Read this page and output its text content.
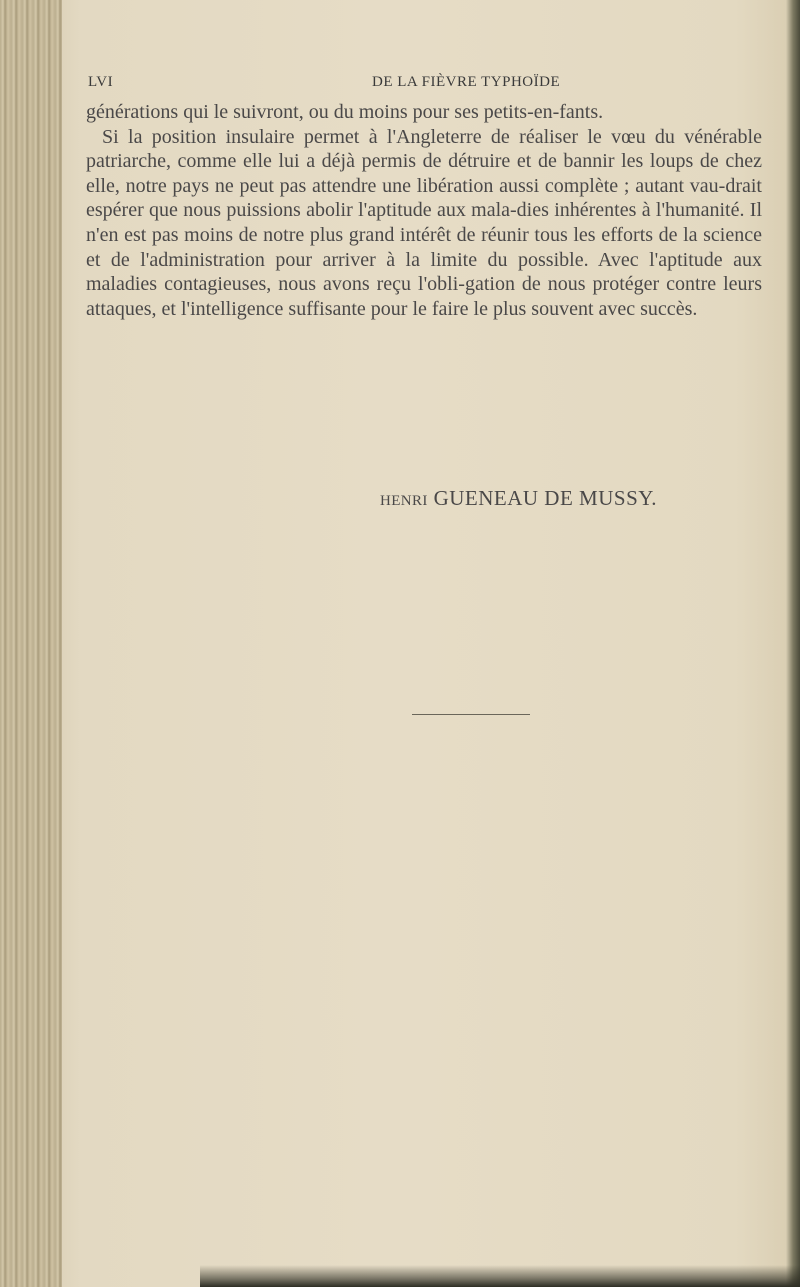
LVI	DE LA FIÈVRE TYPHOÏDE

générations qui le suivront, ou du moins pour ses petits-en-fants.

Si la position insulaire permet à l'Angleterre de réaliser le vœu du vénérable patriarche, comme elle lui a déjà permis de détruire et de bannir les loups de chez elle, notre pays ne peut pas attendre une libération aussi complète ; autant vau-drait espérer que nous puissions abolir l'aptitude aux mala-dies inhérentes à l'humanité. Il n'en est pas moins de notre plus grand intérêt de réunir tous les efforts de la science et de l'administration pour arriver à la limite du possible. Avec l'aptitude aux maladies contagieuses, nous avons reçu l'obli-gation de nous protéger contre leurs attaques, et l'intelligence suffisante pour le faire le plus souvent avec succès.

HENRI GUENEAU DE MUSSY.
